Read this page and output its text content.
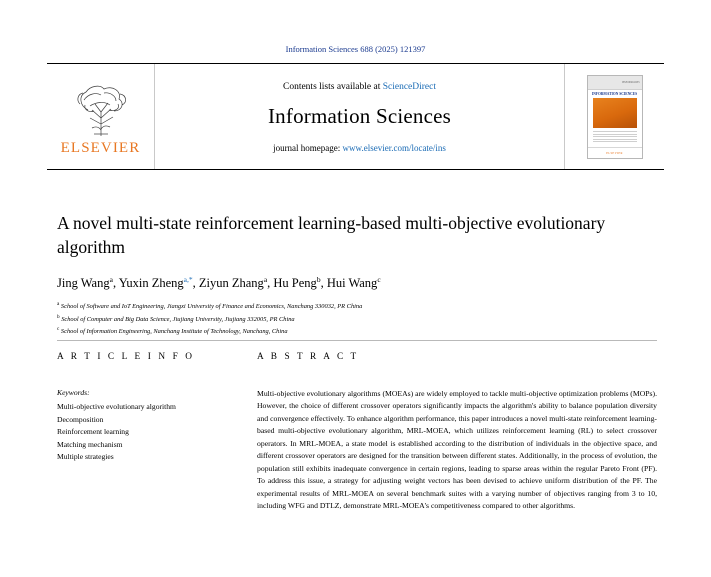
Information Sciences 688 (2025) 121397
ELSEVIER
Contents lists available at ScienceDirect
Information Sciences
journal homepage: www.elsevier.com/locate/ins
ISSN 0020-0255
INFORMATION SCIENCES
ELSEVIER
A novel multi-state reinforcement learning-based multi-objective evolutionary algorithm
Jing Wang$^a$, Yuxin Zheng$^{a,*}$, Ziyun Zhang$^a$, Hu Peng$^b$, Hui Wang$^c$
$^a$ School of Software and IoT Engineering, Jiangxi University of Finance and Economics, Nanchang 330032, PR China
$^b$ School of Computer and Big Data Science, Jiujiang University, Jiujiang 332005, PR China
$^c$ School of Information Engineering, Nanchang Institute of Technology, Nanchang, China
A R T I C L E I N F O
Keywords:
Multi-objective evolutionary algorithm
Decomposition
Reinforcement learning
Matching mechanism
Multiple strategies
A B S T R A C T
Multi-objective evolutionary algorithms (MOEAs) are widely employed to tackle multi-objective optimization problems (MOPs). However, the choice of different crossover operators significantly impacts the algorithm's ability to balance population diversity and convergence effectively. To enhance algorithm performance, this paper introduces a novel multi-state reinforcement learning-based multi-objective evolutionary algorithm, MRL-MOEA, which utilizes reinforcement learning (RL) to select crossover operators. In MRL-MOEA, a state model is established according to the distribution of individuals in the objective space, and different crossover operators are designed for the transition between different states. Additionally, in the process of evolution, the population still exhibits inadequate convergence in certain regions, leading to sparse areas within the regular Pareto Front (PF). To address this issue, a strategy for adjusting weight vectors has been devised to achieve uniform distribution of the PF. The experimental results of MRL-MOEA on several benchmark suites with a varying number of objectives ranging from 3 to 10, including WFG and DTLZ, demonstrate MRL-MOEA's competitiveness compared to other algorithms.
